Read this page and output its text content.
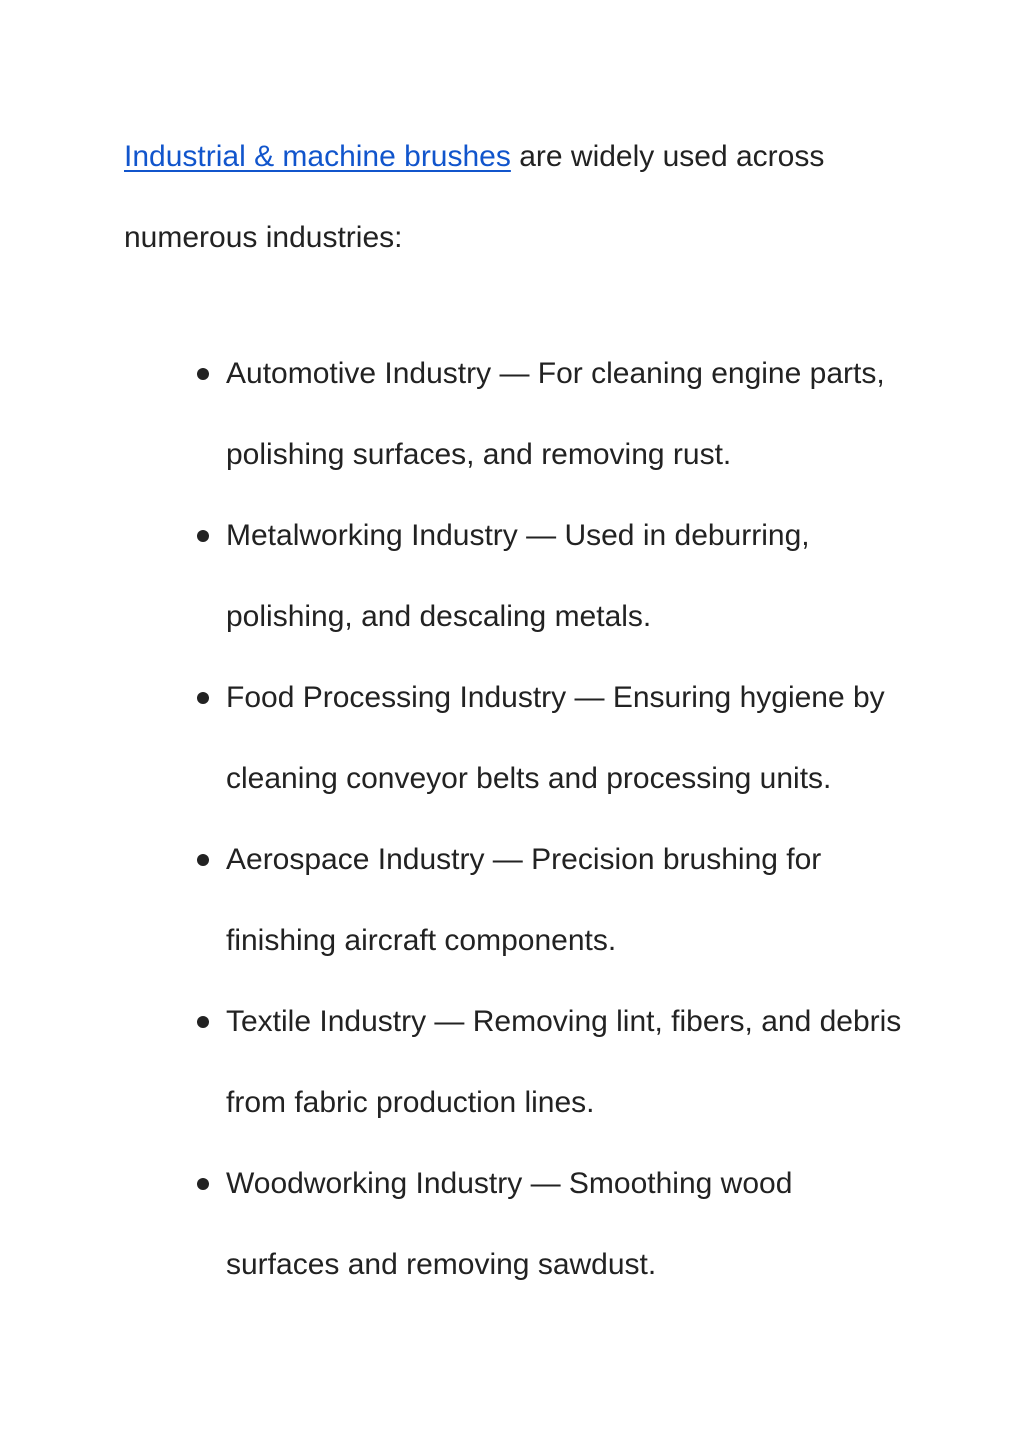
Industrial & machine brushes are widely used across numerous industries:

Automotive Industry — For cleaning engine parts, polishing surfaces, and removing rust.
Metalworking Industry — Used in deburring, polishing, and descaling metals.
Food Processing Industry — Ensuring hygiene by cleaning conveyor belts and processing units.
Aerospace Industry — Precision brushing for finishing aircraft components.
Textile Industry — Removing lint, fibers, and debris from fabric production lines.
Woodworking Industry — Smoothing wood surfaces and removing sawdust.
